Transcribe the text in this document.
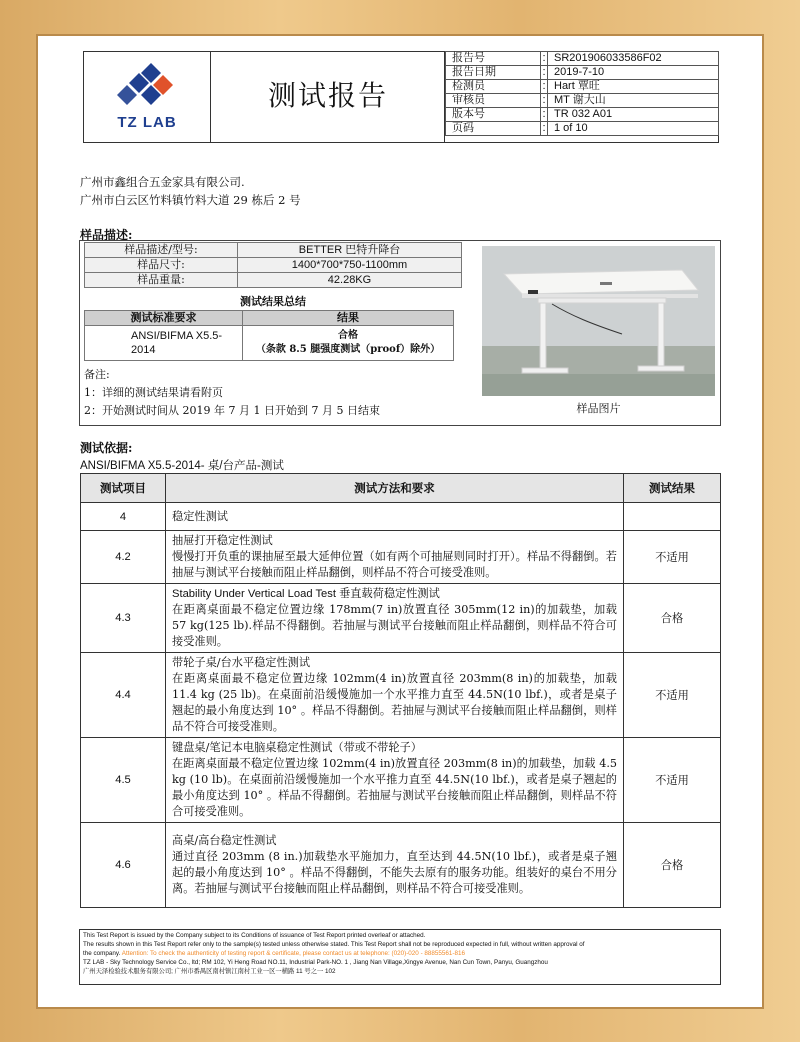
TZ LAB
测试报告
报告号	:	SR201906033586F02
报告日期	:	2019-7-10
检测员	:	Hart 覃旺
审核员	:	MT 谢大山
版本号	:	TR 032 A01
页码	:	1 of 10
广州市鑫组合五金家具有限公司.
广州市白云区竹料镇竹料大道 29 栋后 2 号
样品描述:
样品描述/型号:	BETTER 巴特升降台
样品尺寸:	1400*700*750-1100mm
样品重量:	42.28KG
测试结果总结
测试标准要求	结果
ANSI/BIFMA X5.5-2014	合格
（条款 8.5 腿强度测试（proof）除外）
备注:
1：详细的测试结果请看附页
2：开始测试时间从 2019 年 7 月 1 日开始到 7 月 5 日结束	样品图片
测试依据:
ANSI/BIFMA X5.5-2014- 桌/台产品-测试
测试项目	测试方法和要求	测试结果
4	稳定性测试	
4.2	抽屉打开稳定性测试
慢慢打开负重的课抽屉至最大延伸位置（如有两个可抽屉则同时打开）。样品不得翻倒。若抽屉与测试平台接触而阻止样品翻倒，则样品不符合可接受准则。	不适用
4.3	Stability Under Vertical Load Test 垂直载荷稳定性测试
在距离桌面最不稳定位置边缘 178mm(7 in)放置直径 305mm(12 in)的加载垫，加载 57 kg(125 lb).样品不得翻倒。若抽屉与测试平台接触而阻止样品翻倒，则样品不符合可接受准则。	合格
4.4	带轮子桌/台水平稳定性测试
在距离桌面最不稳定位置边缘 102mm(4 in)放置直径 203mm(8 in)的加载垫，加载 11.4 kg (25 lb)。在桌面前沿缓慢施加一个水平推力直至 44.5N(10 lbf.)，或者是桌子翘起的最小角度达到 10° 。样品不得翻倒。若抽屉与测试平台接触而阻止样品翻倒，则样品不符合可接受准则。	不适用
4.5	键盘桌/笔记本电脑桌稳定性测试（带或不带轮子）
在距离桌面最不稳定位置边缘 102mm(4 in)放置直径 203mm(8 in)的加载垫，加载 4.5 kg (10 lb)。在桌面前沿缓慢施加一个水平推力直至 44.5N(10 lbf.)，或者是桌子翘起的最小角度达到 10° 。样品不得翻倒。若抽屉与测试平台接触而阻止样品翻倒，则样品不符合可接受准则。	不适用
4.6	高桌/高台稳定性测试
通过直径 203mm (8 in.)加载垫水平施加力，直至达到 44.5N(10 lbf.)，或者是桌子翘起的最小角度达到 10° 。样品不得翻倒，不能失去原有的服务功能。组装好的桌台不用分离。若抽屉与测试平台接触而阻止样品翻倒，则样品不符合可接受准则。	合格
This Test Report is issued by the Company subject to its Conditions of issuance of Test Report printed overleaf or attached.
The results shown in this Test Report refer only to the sample(s) tested unless otherwise stated. This Test Report shall not be reproduced expected in full, without written approval of
the company. Attention: To check the authenticity of testing report & certificate, please contact us at telephone: (020)-020 - 88855561-816
TZ LAB - Sky Technology Service Co., ltd; RM 102, Yi Heng Road NO.11, Industrial Park-NO. 1 , Jiang Nan Village,Xingye Avenue, Nan Cun Town, Panyu, Guangzhou
广州天泽检验技术服务有限公司; 广州市番禺区南村镇江南村工业一区一横路 11 号之一 102
